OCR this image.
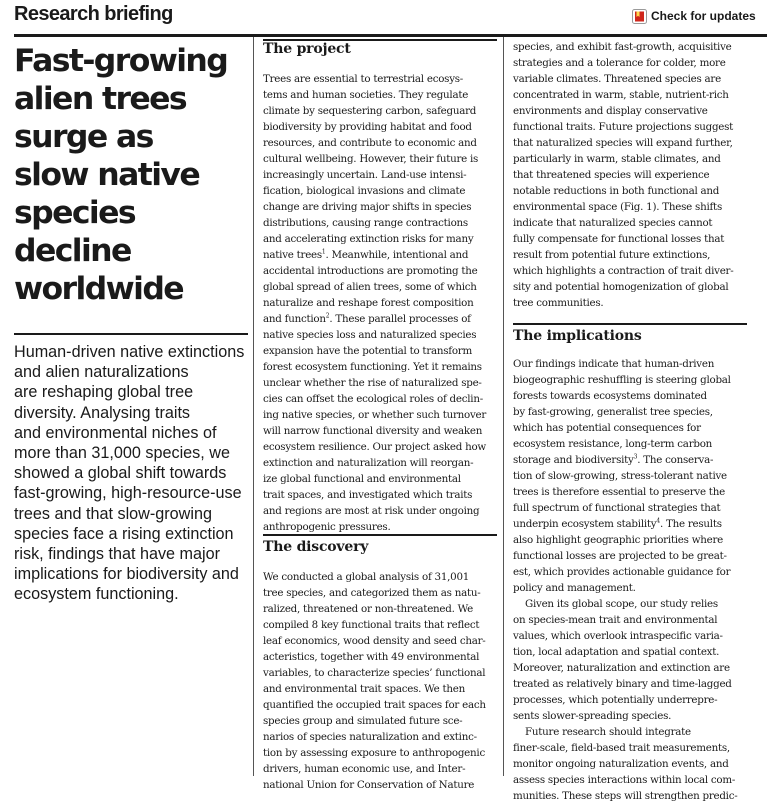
Research briefing	Check for updates
Fast-growing
alien trees
surge as
slow native
species decline
worldwide
Human-driven native extinctions
and alien naturalizations
are reshaping global tree
diversity. Analysing traits
and environmental niches of
more than 31,000 species, we
showed a global shift towards
fast-growing, high-resource-use
trees and that slow-growing
species face a rising extinction
risk, findings that have major
implications for biodiversity and
ecosystem functioning.
The project
Trees are essential to terrestrial ecosys-
tems and human societies. They regulate
climate by sequestering carbon, safeguard
biodiversity by providing habitat and food
resources, and contribute to economic and
cultural wellbeing. However, their future is
increasingly uncertain. Land-use intensi-
fication, biological invasions and climate
change are driving major shifts in species
distributions, causing range contractions
and accelerating extinction risks for many
native trees$^1$. Meanwhile, intentional and
accidental introductions are promoting the
global spread of alien trees, some of which
naturalize and reshape forest composition
and function$^2$. These parallel processes of
native species loss and naturalized species
expansion have the potential to transform
forest ecosystem functioning. Yet it remains
unclear whether the rise of naturalized spe-
cies can offset the ecological roles of declin-
ing native species, or whether such turnover
will narrow functional diversity and weaken
ecosystem resilience. Our project asked how
extinction and naturalization will reorgan-
ize global functional and environmental
trait spaces, and investigated which traits
and regions are most at risk under ongoing
anthropogenic pressures.
The discovery
We conducted a global analysis of 31,001
tree species, and categorized them as natu-
ralized, threatened or non-threatened. We
compiled 8 key functional traits that reflect
leaf economics, wood density and seed char-
acteristics, together with 49 environmental
variables, to characterize species’ functional
and environmental trait spaces. We then
quantified the occupied trait spaces for each
species group and simulated future sce-
narios of species naturalization and extinc-
tion by assessing exposure to anthropogenic
drivers, human economic use, and Inter-
national Union for Conservation of Nature
species, and exhibit fast-growth, acquisitive
strategies and a tolerance for colder, more
variable climates. Threatened species are
concentrated in warm, stable, nutrient-rich
environments and display conservative
functional traits. Future projections suggest
that naturalized species will expand further,
particularly in warm, stable climates, and
that threatened species will experience
notable reductions in both functional and
environmental space (Fig. 1). These shifts
indicate that naturalized species cannot
fully compensate for functional losses that
result from potential future extinctions,
which highlights a contraction of trait diver-
sity and potential homogenization of global
tree communities.
The implications
Our findings indicate that human-driven
biogeographic reshuffling is steering global
forests towards ecosystems dominated
by fast-growing, generalist tree species,
which has potential consequences for
ecosystem resistance, long-term carbon
storage and biodiversity$^3$. The conserva-
tion of slow-growing, stress-tolerant native
trees is therefore essential to preserve the
full spectrum of functional strategies that
underpin ecosystem stability$^4$. The results
also highlight geographic priorities where
functional losses are projected to be great-
est, which provides actionable guidance for
policy and management.
Given its global scope, our study relies
on species-mean trait and environmental
values, which overlook intraspecific varia-
tion, local adaptation and spatial context.
Moreover, naturalization and extinction are
treated as relatively binary and time-lagged
processes, which potentially underrepre-
sents slower-spreading species.
Future research should integrate
finer-scale, field-based trait measurements,
monitor ongoing naturalization events, and
assess species interactions within local com-
munities. These steps will strengthen predic-
